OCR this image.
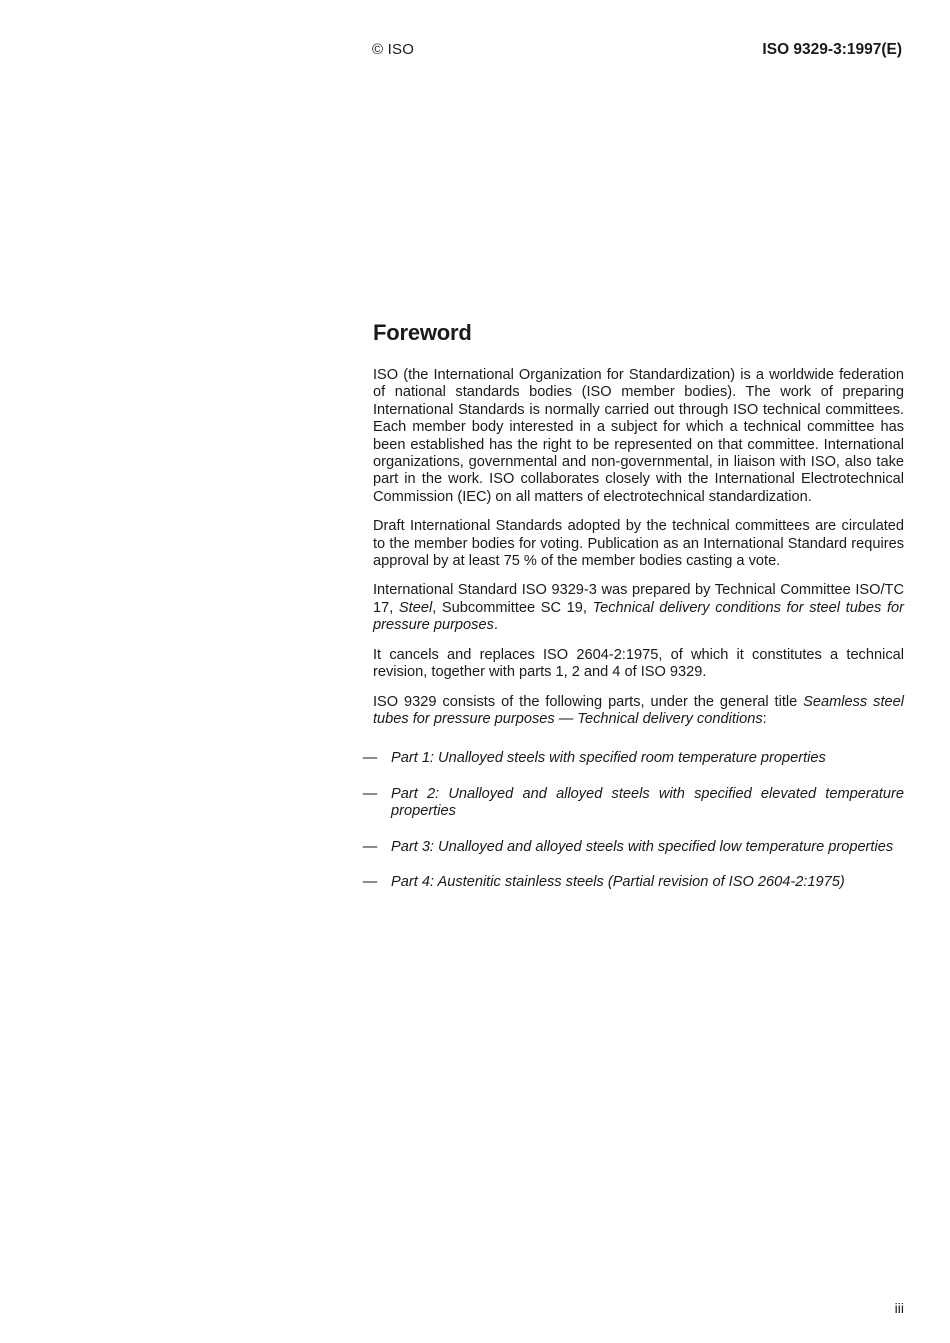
© ISO	ISO 9329-3:1997(E)
Foreword

ISO (the International Organization for Standardization) is a worldwide federation of national standards bodies (ISO member bodies). The work of preparing International Standards is normally carried out through ISO technical committees. Each member body interested in a subject for which a technical committee has been established has the right to be represented on that committee. International organizations, governmental and non-governmental, in liaison with ISO, also take part in the work. ISO collaborates closely with the International Electrotechnical Commission (IEC) on all matters of electrotechnical standardization.

Draft International Standards adopted by the technical committees are circulated to the member bodies for voting. Publication as an International Standard requires approval by at least 75 % of the member bodies casting a vote.

International Standard ISO 9329-3 was prepared by Technical Committee ISO/TC 17, Steel, Subcommittee SC 19, Technical delivery conditions for steel tubes for pressure purposes.

It cancels and replaces ISO 2604-2:1975, of which it constitutes a technical revision, together with parts 1, 2 and 4 of ISO 9329.

ISO 9329 consists of the following parts, under the general title Seamless steel tubes for pressure purposes — Technical delivery conditions:

— Part 1: Unalloyed steels with specified room temperature properties
— Part 2: Unalloyed and alloyed steels with specified elevated temperature properties
— Part 3: Unalloyed and alloyed steels with specified low temperature properties
— Part 4: Austenitic stainless steels (Partial revision of ISO 2604-2:1975)
iii
